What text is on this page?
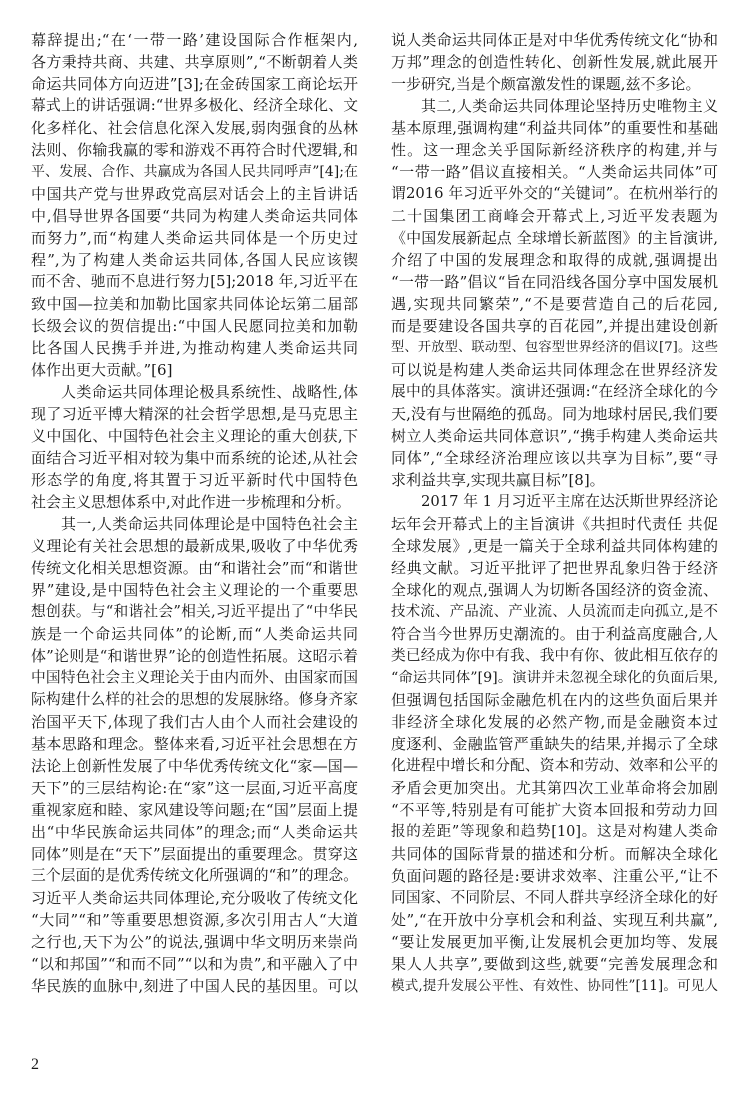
幕辞提出;“在‘一带一路’建设国际合作框架内,
各方秉持共商、共建、共享原则”,“不断朝着人类
命运共同体方向迈进”[3];在金砖国家工商论坛开
幕式上的讲话强调:“世界多极化、经济全球化、文
化多样化、社会信息化深入发展,弱肉强食的丛林
法则、你输我赢的零和游戏不再符合时代逻辑,和
平、发展、合作、共赢成为各国人民共同呼声”[4];在
中国共产党与世界政党高层对话会上的主旨讲话
中,倡导世界各国要“共同为构建人类命运共同体
而努力”,而“构建人类命运共同体是一个历史过
程”,为了构建人类命运共同体,各国人民应该锲
而不舍、驰而不息进行努力[5];2018 年,习近平在
致中国—拉美和加勒比国家共同体论坛第二届部
长级会议的贺信提出:“中国人民愿同拉美和加勒
比各国人民携手并进,为推动构建人类命运共同
体作出更大贡献。”[6]
人类命运共同体理论极具系统性、战略性,体
现了习近平博大精深的社会哲学思想,是马克思主
义中国化、中国特色社会主义理论的重大创获,下
面结合习近平相对较为集中而系统的论述,从社会
形态学的角度,将其置于习近平新时代中国特色
社会主义思想体系中,对此作进一步梳理和分析。
其一,人类命运共同体理论是中国特色社会主
义理论有关社会思想的最新成果,吸收了中华优秀
传统文化相关思想资源。由“和谐社会”而“和谐世
界”建设,是中国特色社会主义理论的一个重要思
想创获。与“和谐社会”相关,习近平提出了“中华民
族是一个命运共同体”的论断,而“人类命运共同
体”论则是“和谐世界”论的创造性拓展。这昭示着
中国特色社会主义理论关于由内而外、由国家而国
际构建什么样的社会的思想的发展脉络。修身齐家
治国平天下,体现了我们古人由个人而社会建设的
基本思路和理念。整体来看,习近平社会思想在方
法论上创新性发展了中华优秀传统文化“家—国—
天下”的三层结构论:在“家”这一层面,习近平高度
重视家庭和睦、家风建设等问题;在“国”层面上提
出“中华民族命运共同体”的理念;而“人类命运共
同体”则是在“天下”层面提出的重要理念。贯穿这
三个层面的是优秀传统文化所强调的“和”的理念。
习近平人类命运共同体理论,充分吸收了传统文化
“大同”“和”等重要思想资源,多次引用古人“大道
之行也,天下为公”的说法,强调中华文明历来崇尚
“以和邦国”“和而不同”“以和为贵”,和平融入了中
华民族的血脉中,刻进了中国人民的基因里。可以
说人类命运共同体正是对中华优秀传统文化“协和
万邦”理念的创造性转化、创新性发展,就此展开
一步研究,当是个颇富激发性的课题,兹不多论。
其二,人类命运共同体理论坚持历史唯物主义
基本原理,强调构建“利益共同体”的重要性和基础
性。这一理念关乎国际新经济秩序的构建,并与
“一带一路”倡议直接相关。“人类命运共同体”可
谓2016 年习近平外交的“关键词”。在杭州举行的
二十国集团工商峰会开幕式上,习近平发表题为
《中国发展新起点 全球增长新蓝图》的主旨演讲,
介绍了中国的发展理念和取得的成就,强调提出
“一带一路”倡议“旨在同沿线各国分享中国发展机
遇,实现共同繁荣”,“不是要营造自己的后花园,
而是要建设各国共享的百花园”,并提出建设创新
型、开放型、联动型、包容型世界经济的倡议[7]。这些
可以说是构建人类命运共同体理念在世界经济发
展中的具体落实。演讲还强调:“在经济全球化的今
天,没有与世隔绝的孤岛。同为地球村居民,我们要
树立人类命运共同体意识”,“携手构建人类命运共
同体”,“全球经济治理应该以共享为目标”,要“寻
求利益共享,实现共赢目标”[8]。
2017 年 1 月习近平主席在达沃斯世界经济论
坛年会开幕式上的主旨演讲《共担时代责任 共促
全球发展》,更是一篇关于全球利益共同体构建的
经典文献。习近平批评了把世界乱象归咎于经济
全球化的观点,强调人为切断各国经济的资金流、
技术流、产品流、产业流、人员流而走向孤立,是不
符合当今世界历史潮流的。由于利益高度融合,人
类已经成为你中有我、我中有你、彼此相互依存的
“命运共同体”[9]。演讲并未忽视全球化的负面后果,
但强调包括国际金融危机在内的这些负面后果并
非经济全球化发展的必然产物,而是金融资本过
度逐利、金融监管严重缺失的结果,并揭示了全球
化进程中增长和分配、资本和劳动、效率和公平的
矛盾会更加突出。尤其第四次工业革命将会加剧
“不平等,特别是有可能扩大资本回报和劳动力回
报的差距”等现象和趋势[10]。这是对构建人类命
共同体的国际背景的描述和分析。而解决全球化
负面问题的路径是:要讲求效率、注重公平,“让不
同国家、不同阶层、不同人群共享经济全球化的好
处”,“在开放中分享机会和利益、实现互利共赢”,
“要让发展更加平衡,让发展机会更加均等、发展
果人人共享”,要做到这些,就要“完善发展理念和
模式,提升发展公平性、有效性、协同性”[11]。可见人
2
